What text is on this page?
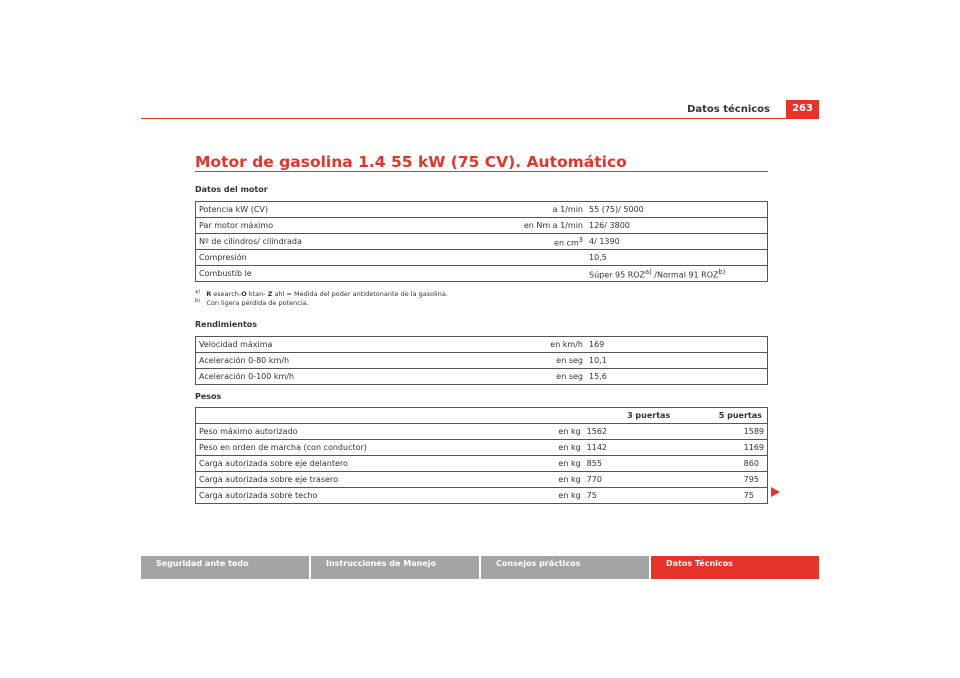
Datos técnicos	263
Motor de gasolina 1.4 55 kW (75 CV). Automático
Datos del motor
Potencia kW (CV)	a 1/min	55 (75)/ 5000
Par motor máximo	en Nm a 1/min	126/ 3800
Nº de cilindros/ cilindrada	en $cm^3$	4/ 1390
Compresión		10,5
Combustib le		Súper 95 ROZ$^{a)}$ /Normal 91 ROZ$^{b)}$
$^{a)}$ R esearch-O ktan- Z ahl = Medida del poder antidetonante de la gasolina.
$^{b)}$ Con ligera pérdida de potencia.
Rendimientos
Velocidad máxima	en km/h	169
Aceleración 0-80 km/h	en seg	10,1
Aceleración 0-100 km/h	en seg	15,6
Pesos
		3 puertas	5 puertas
Peso máximo autorizado	en kg	1562	1589
Peso en orden de marcha (con conductor)	en kg	1142	1169
Carga autorizada sobre eje delantero	en kg	855	860
Carga autorizada sobre eje trasero	en kg	770	795
Carga autorizada sobre techo	en kg	75	75
Seguridad ante todo	Instrucciones de Manejo	Consejos prácticos	Datos Técnicos
